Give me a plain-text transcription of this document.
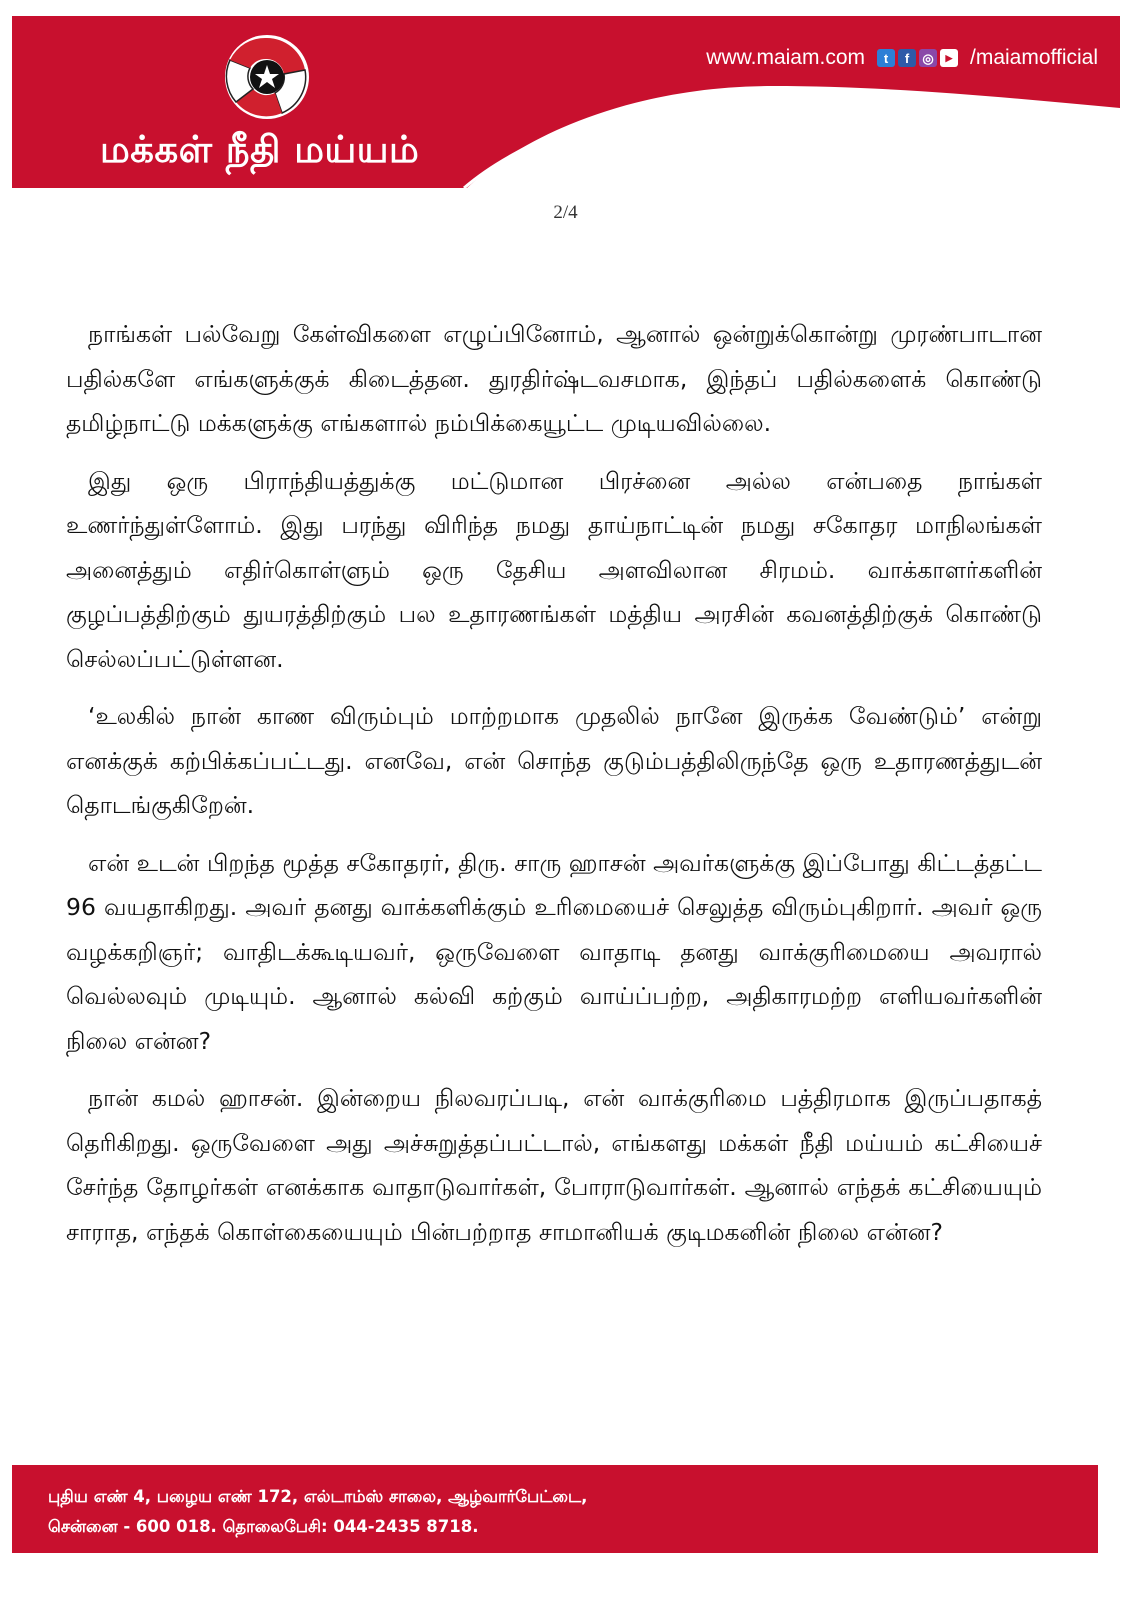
மக்கள் நீதி மய்யம்
www.maiam.com	t	f	◎	▶ /maiamofficial
2/4

நாங்கள் பல்வேறு கேள்விகளை எழுப்பினோம், ஆனால் ஒன்றுக்கொன்று முரண்பாடான பதில்களே எங்களுக்குக் கிடைத்தன. துரதிர்ஷ்டவசமாக, இந்தப் பதில்களைக் கொண்டு தமிழ்நாட்டு மக்களுக்கு எங்களால் நம்பிக்கையூட்ட முடியவில்லை.

இது ஒரு பிராந்தியத்துக்கு மட்டுமான பிரச்னை அல்ல என்பதை நாங்கள் உணர்ந்துள்ளோம். இது பரந்து விரிந்த நமது தாய்நாட்டின் நமது சகோதர மாநிலங்கள் அனைத்தும் எதிர்கொள்ளும் ஒரு தேசிய அளவிலான சிரமம். வாக்காளர்களின் குழப்பத்திற்கும் துயரத்திற்கும் பல உதாரணங்கள் மத்திய அரசின் கவனத்திற்குக் கொண்டு செல்லப்பட்டுள்ளன.

‘உலகில் நான் காண விரும்பும் மாற்றமாக முதலில் நானே இருக்க வேண்டும்’ என்று எனக்குக் கற்பிக்கப்பட்டது. எனவே, என் சொந்த குடும்பத்திலிருந்தே ஒரு உதாரணத்துடன் தொடங்குகிறேன்.

என் உடன் பிறந்த மூத்த சகோதரர், திரு. சாரு ஹாசன் அவர்களுக்கு இப்போது கிட்டத்தட்ட 96 வயதாகிறது. அவர் தனது வாக்களிக்கும் உரிமையைச் செலுத்த விரும்புகிறார். அவர் ஒரு வழக்கறிஞர்; வாதிடக்கூடியவர், ஒருவேளை வாதாடி தனது வாக்குரிமையை அவரால் வெல்லவும் முடியும். ஆனால் கல்வி கற்கும் வாய்ப்பற்ற, அதிகாரமற்ற எளியவர்களின் நிலை என்ன?

நான் கமல் ஹாசன். இன்றைய நிலவரப்படி, என் வாக்குரிமை பத்திரமாக இருப்பதாகத் தெரிகிறது. ஒருவேளை அது அச்சுறுத்தப்பட்டால், எங்களது மக்கள் நீதி மய்யம் கட்சியைச் சேர்ந்த தோழர்கள் எனக்காக வாதாடுவார்கள், போராடுவார்கள். ஆனால் எந்தக் கட்சியையும் சாராத, எந்தக் கொள்கையையும் பின்பற்றாத சாமானியக் குடிமகனின் நிலை என்ன?

புதிய எண் 4, பழைய எண் 172, எல்டாம்ஸ் சாலை, ஆழ்வார்பேட்டை,
சென்னை - 600 018. தொலைபேசி: 044-2435 8718.
